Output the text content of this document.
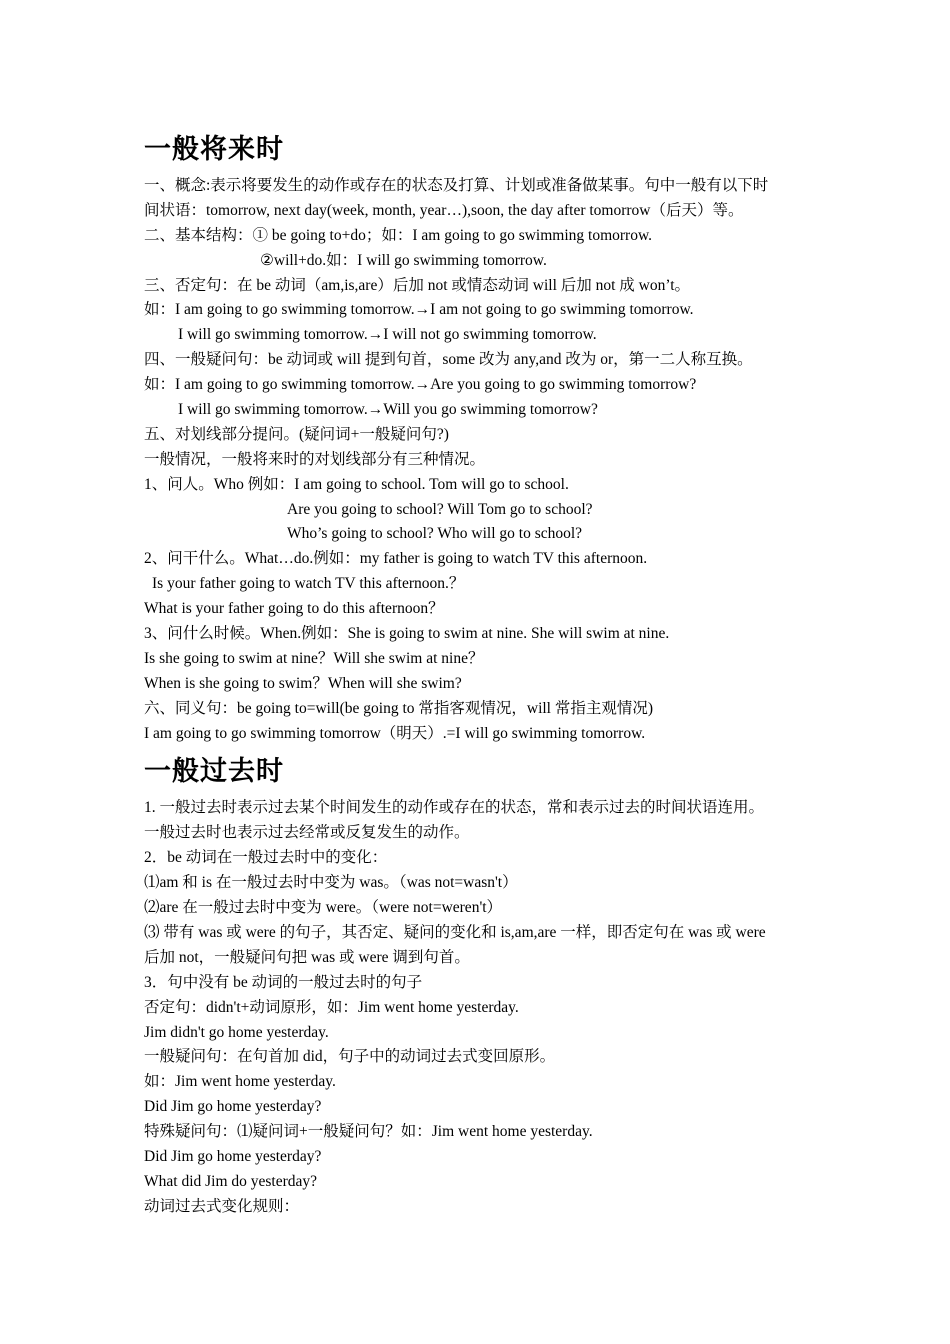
一般将来时
一、概念:表示将要发生的动作或存在的状态及打算、计划或准备做某事。句中一般有以下时
间状语：tomorrow, next day(week, month, year…),soon, the day after tomorrow（后天）等。
二、基本结构：① be going to+do；如：I am going to go swimming tomorrow.
②will+do.如：I will go swimming tomorrow.
三、否定句：在 be 动词（am,is,are）后加 not 或情态动词 will 后加 not 成 won’t。
如：I am going to go swimming tomorrow.→I am not going to go swimming tomorrow.
I will go swimming tomorrow.→I will not go swimming tomorrow.
四、一般疑问句：be 动词或 will 提到句首，some 改为 any,and 改为 or，第一二人称互换。
如：I am going to go swimming tomorrow.→Are you going to go swimming tomorrow?
I will go swimming tomorrow.→Will you go swimming tomorrow?
五、对划线部分提问。(疑问词+一般疑问句?)
一般情况，一般将来时的对划线部分有三种情况。
1、问人。Who 例如：I am going to school. Tom will go to school.
Are you going to school? Will Tom go to school?
Who’s going to school? Who will go to school?
2、问干什么。What…do.例如：my father is going to watch TV this afternoon.
Is your father going to watch TV this afternoon.？
What is your father going to do this afternoon？
3、问什么时候。When.例如：She is going to swim at nine. She will swim at nine.
Is she going to swim at nine？Will she swim at nine？
When is she going to swim？When will she swim?
六、同义句：be going to=will(be going to 常指客观情况，will 常指主观情况)
I am going to go swimming tomorrow（明天）.=I will go swimming tomorrow.
一般过去时
1. 一般过去时表示过去某个时间发生的动作或存在的状态，常和表示过去的时间状语连用。
一般过去时也表示过去经常或反复发生的动作。
2．be 动词在一般过去时中的变化：
⑴am 和 is 在一般过去时中变为 was。（was not=wasn't）
⑵are 在一般过去时中变为 were。（were not=weren't）
⑶ 带有 was 或 were 的句子，其否定、疑问的变化和 is,am,are 一样，即否定句在 was 或 were
后加 not，一般疑问句把 was 或 were 调到句首。
3．句中没有 be 动词的一般过去时的句子
否定句：didn't+动词原形，如：Jim went home yesterday.
Jim didn't go home yesterday.
一般疑问句：在句首加 did，句子中的动词过去式变回原形。
如：Jim went home yesterday.
Did Jim go home yesterday?
特殊疑问句：⑴疑问词+一般疑问句？如：Jim went home yesterday.
Did Jim go home yesterday?
What did Jim do yesterday?
动词过去式变化规则：
